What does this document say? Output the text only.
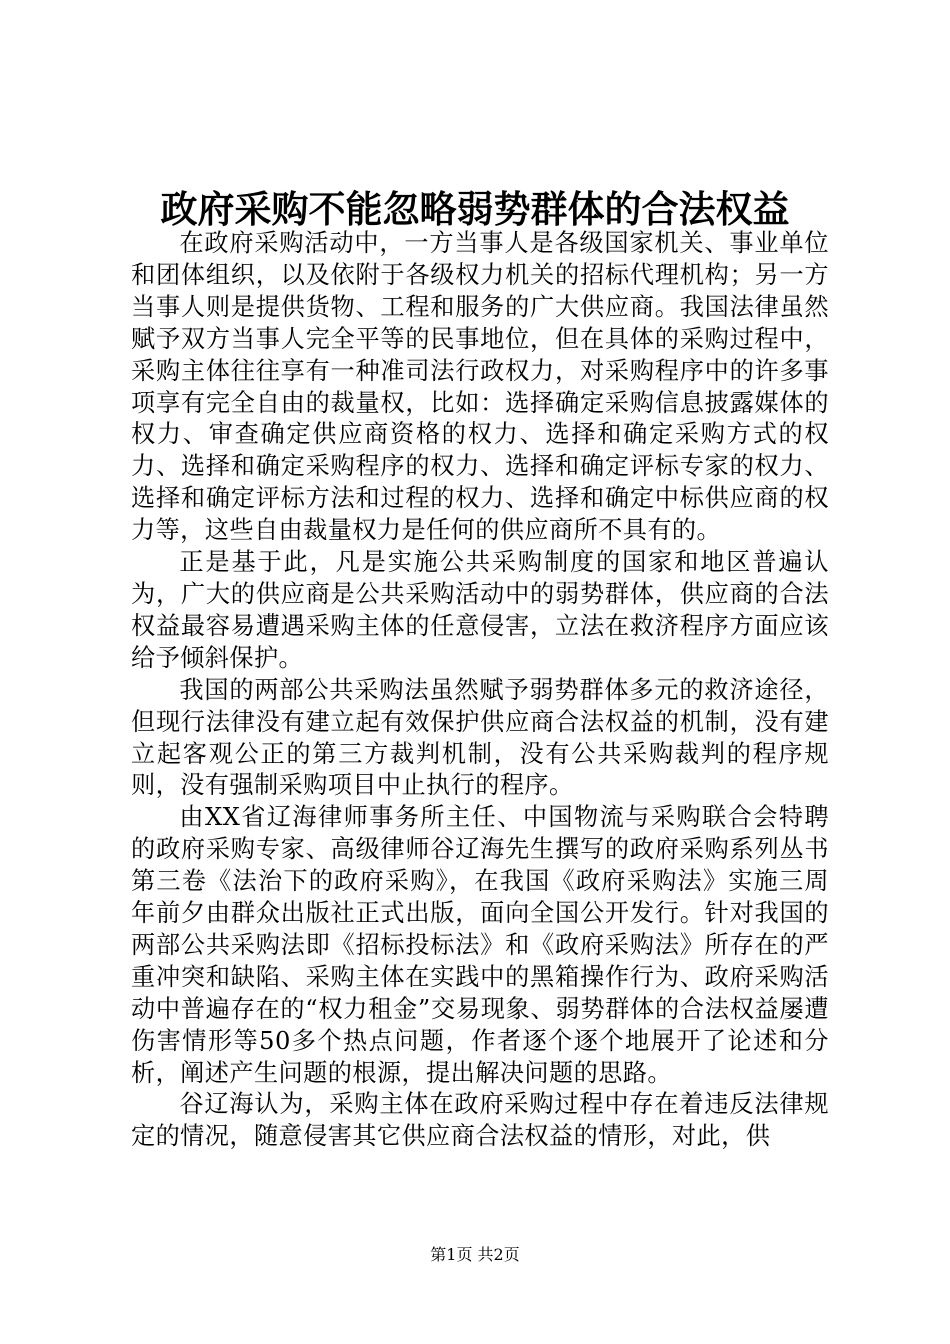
政府采购不能忽略弱势群体的合法权益

在政府采购活动中，一方当事人是各级国家机关、事业单位和团体组织，以及依附于各级权力机关的招标代理机构；另一方当事人则是提供货物、工程和服务的广大供应商。我国法律虽然赋予双方当事人完全平等的民事地位，但在具体的采购过程中，采购主体往往享有一种准司法行政权力，对采购程序中的许多事项享有完全自由的裁量权，比如：选择确定采购信息披露媒体的权力、审查确定供应商资格的权力、选择和确定采购方式的权力、选择和确定采购程序的权力、选择和确定评标专家的权力、选择和确定评标方法和过程的权力、选择和确定中标供应商的权力等，这些自由裁量权力是任何的供应商所不具有的。

正是基于此，凡是实施公共采购制度的国家和地区普遍认为，广大的供应商是公共采购活动中的弱势群体，供应商的合法权益最容易遭遇采购主体的任意侵害，立法在救济程序方面应该给予倾斜保护。

我国的两部公共采购法虽然赋予弱势群体多元的救济途径，但现行法律没有建立起有效保护供应商合法权益的机制，没有建立起客观公正的第三方裁判机制，没有公共采购裁判的程序规则，没有强制采购项目中止执行的程序。

由XX省辽海律师事务所主任、中国物流与采购联合会特聘的政府采购专家、高级律师谷辽海先生撰写的政府采购系列丛书第三卷《法治下的政府采购》，在我国《政府采购法》实施三周年前夕由群众出版社正式出版，面向全国公开发行。针对我国的两部公共采购法即《招标投标法》和《政府采购法》所存在的严重冲突和缺陷、采购主体在实践中的黑箱操作行为、政府采购活动中普遍存在的“权力租金”交易现象、弱势群体的合法权益屡遭伤害情形等50多个热点问题，作者逐个逐个地展开了论述和分析，阐述产生问题的根源，提出解决问题的思路。

谷辽海认为，采购主体在政府采购过程中存在着违反法律规定的情况，随意侵害其它供应商合法权益的情形，对此，供

第1页 共2页
